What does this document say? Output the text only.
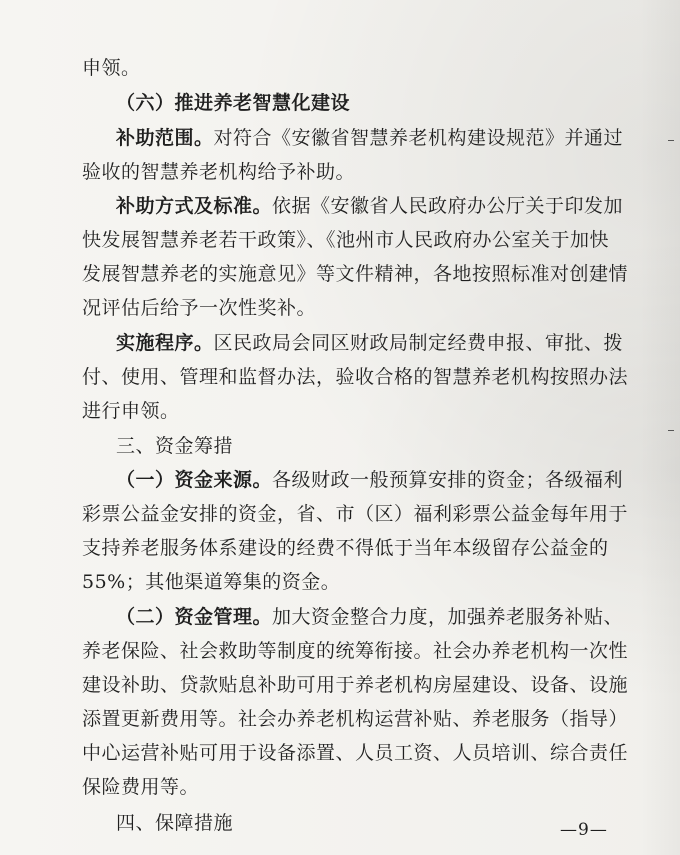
申领。
（六）推进养老智慧化建设
补助范围。对符合《安徽省智慧养老机构建设规范》并通过
验收的智慧养老机构给予补助。
补助方式及标准。依据《安徽省人民政府办公厅关于印发加
快发展智慧养老若干政策》、《池州市人民政府办公室关于加快
发展智慧养老的实施意见》等文件精神，各地按照标准对创建情
况评估后给予一次性奖补。
实施程序。区民政局会同区财政局制定经费申报、审批、拨
付、使用、管理和监督办法，验收合格的智慧养老机构按照办法
进行申领。
三、资金筹措
（一）资金来源。各级财政一般预算安排的资金；各级福利
彩票公益金安排的资金，省、市（区）福利彩票公益金每年用于
支持养老服务体系建设的经费不得低于当年本级留存公益金的
55%；其他渠道筹集的资金。
（二）资金管理。加大资金整合力度，加强养老服务补贴、
养老保险、社会救助等制度的统筹衔接。社会办养老机构一次性
建设补助、贷款贴息补助可用于养老机构房屋建设、设备、设施
添置更新费用等。社会办养老机构运营补贴、养老服务（指导）
中心运营补贴可用于设备添置、人员工资、人员培训、综合责任
保险费用等。
四、保障措施	—9—
